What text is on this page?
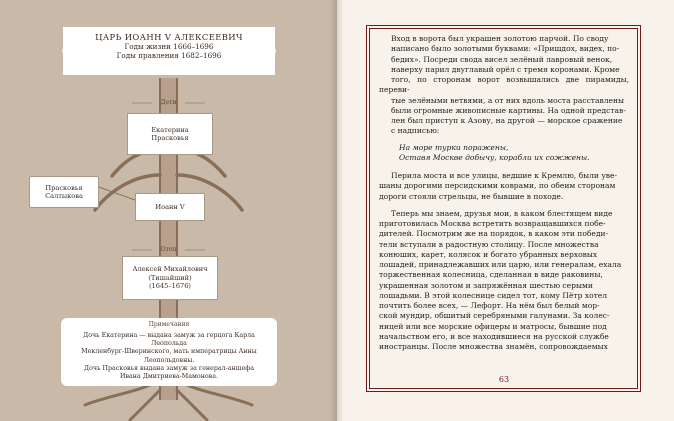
ЦАРЬ ИОАНН V АЛЕКСЕЕВИЧ
Годы жизни 1666–1696
Годы правления 1682–1696
Дети
Екатерина
Прасковья
Прасковья
Салтыкова
Иоанн V
Отец
Алексей Михайлович
(Тишайший)
(1645–1676)
Примечания
Дочь Екатерина — выдана замуж за герцога Карла Леопольда
Мекленбург-Шверинского, мать императрицы Анны Леопольдовны.
Дочь Прасковья выдана замуж за генерал-аншефа
Ивана Дмитриева-Мамонова.

Вход в ворота был украшен золотою парчой. По своду

написано было золотыми буквами: «Пришдох, видех, по-

бедих». Посреди свода висел зелёный лавровый венок,

наверху парил двуглавый орёл с тремя коронами. Кроме

того, по сторонам ворот возвышались две пирамиды, переви-

тые зелёными ветвями, а от них вдоль моста расставлены

были огромные живописные картины. На одной представ-

лен был приступ к Азову, на другой — морское сражение

с надписью:

На море турки поражены,

Оставя Москве добычу, корабли их сожжены.

Перила моста и все улицы, ведшие к Кремлю, были уве-

шаны дорогими персидскими коврами, по обеим сторонам

дороги стояли стрельцы, не бывшие в походе.

Теперь мы знаем, друзья мои, в каком блестящем виде

приготовилась Москва встретить возвращавшихся побе-

дителей. Посмотрим же на порядок, в каком эти победи-

тели вступали в радостную столицу. После множества

конюших, карет, колясок и богато убранных верховых

лошадей, принадлежавших или царю, или генералам, ехала

торжественная колесница, сделанная в виде раковины,

украшенная золотом и запряжённая шестью серыми

лошадьми. В этой колеснице сидел тот, кому Пётр хотел

почтить более всех, — Лефорт. На нём был белый мор-

ской мундир, обшитый серебряными галунами. За колес-

ницей или все морские офицеры и матросы, бывшие под

начальством его, и все находившиеся на русской службе

иностранцы. После множества знамён, сопровождаемых

63
